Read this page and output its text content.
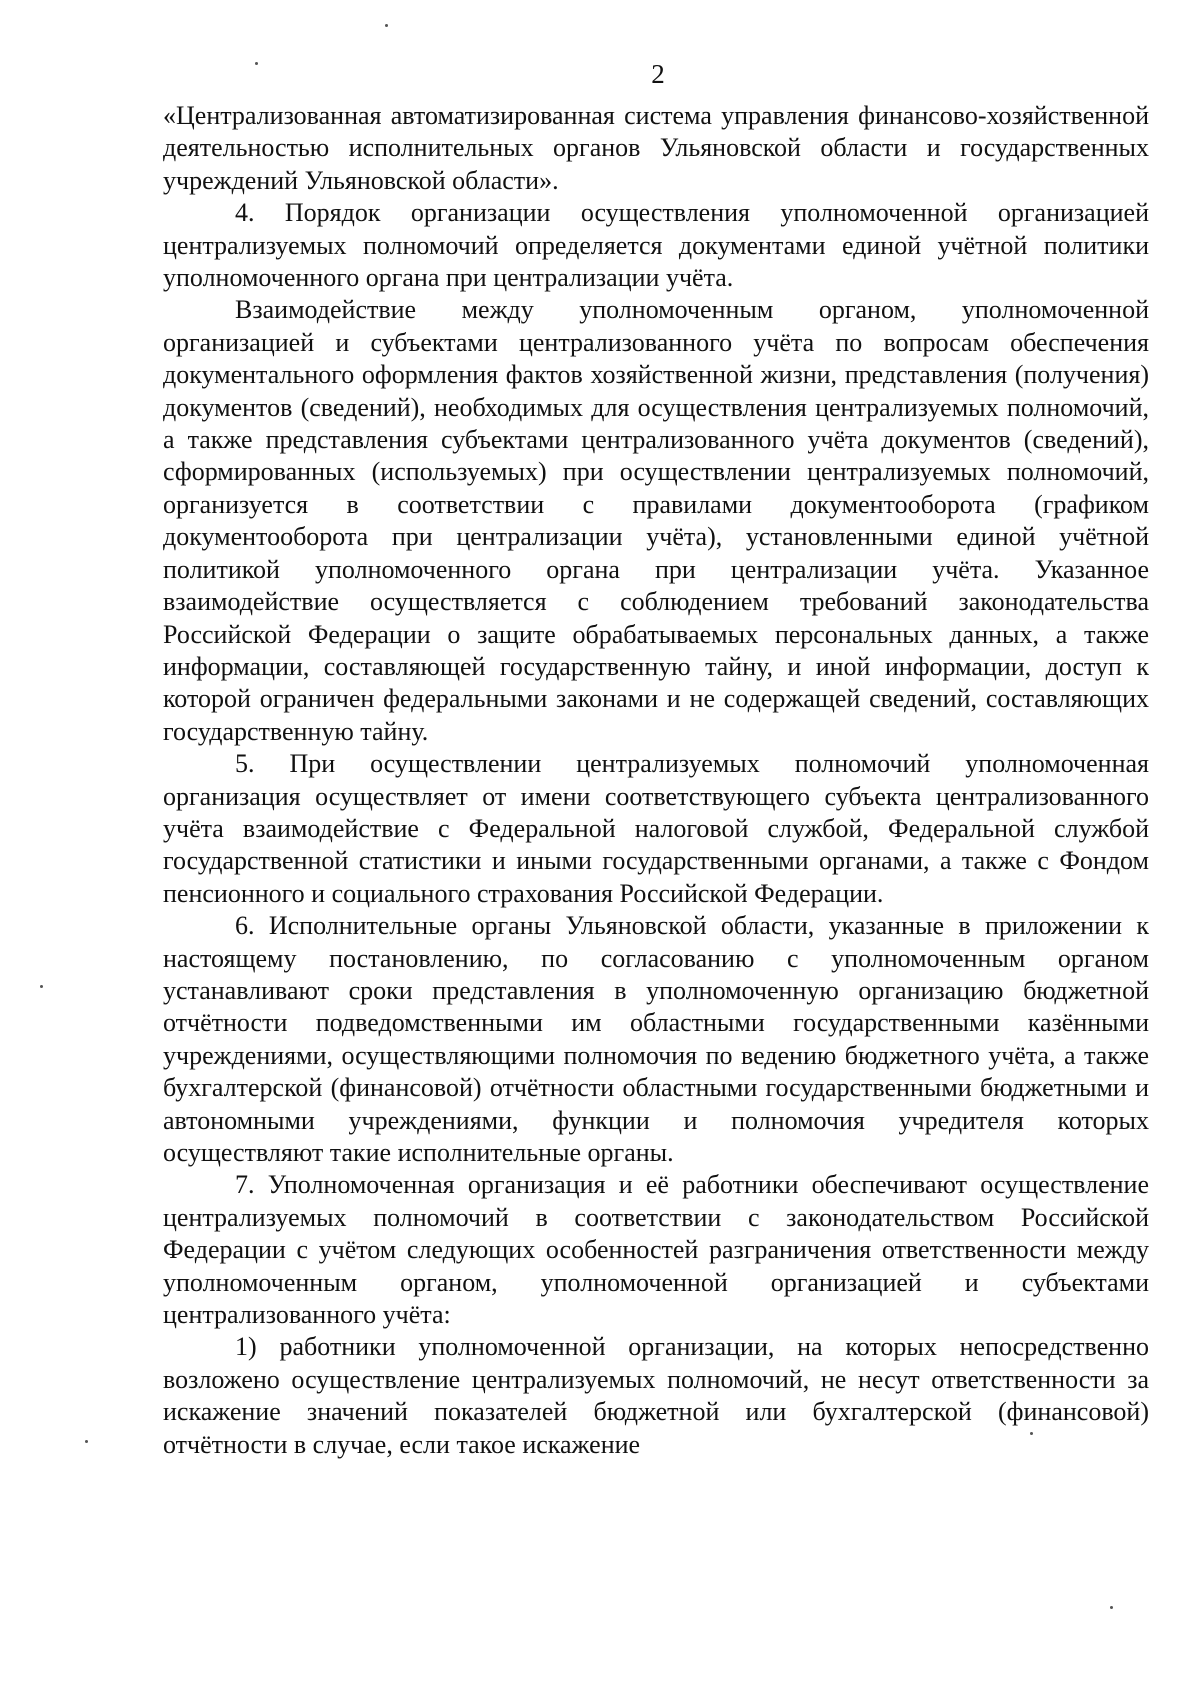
2

«Централизованная автоматизированная система управления финансово-хозяйственной деятельностью исполнительных органов Ульяновской области и государственных учреждений Ульяновской области».

4. Порядок организации осуществления уполномоченной организацией централизуемых полномочий определяется документами единой учётной политики уполномоченного органа при централизации учёта.

Взаимодействие между уполномоченным органом, уполномоченной организацией и субъектами централизованного учёта по вопросам обеспечения документального оформления фактов хозяйственной жизни, представления (получения) документов (сведений), необходимых для осуществления централизуемых полномочий, а также представления субъектами централизованного учёта документов (сведений), сформированных (используемых) при осуществлении централизуемых полномочий, организуется в соответствии с правилами документооборота (графиком документооборота при централизации учёта), установленными единой учётной политикой уполномоченного органа при централизации учёта. Указанное взаимодействие осуществляется с соблюдением требований законодательства Российской Федерации о защите обрабатываемых персональных данных, а также информации, составляющей государственную тайну, и иной информации, доступ к которой ограничен федеральными законами и не содержащей сведений, составляющих государственную тайну.

5. При осуществлении централизуемых полномочий уполномоченная организация осуществляет от имени соответствующего субъекта централизованного учёта взаимодействие с Федеральной налоговой службой, Федеральной службой государственной статистики и иными государственными органами, а также с Фондом пенсионного и социального страхования Российской Федерации.

6. Исполнительные органы Ульяновской области, указанные в приложении к настоящему постановлению, по согласованию с уполномоченным органом устанавливают сроки представления в уполномоченную организацию бюджетной отчётности подведомственными им областными государственными казёнными учреждениями, осуществляющими полномочия по ведению бюджетного учёта, а также бухгалтерской (финансовой) отчётности областными государственными бюджетными и автономными учреждениями, функции и полномочия учредителя которых осуществляют такие исполнительные органы.

7. Уполномоченная организация и её работники обеспечивают осуществление централизуемых полномочий в соответствии с законодательством Российской Федерации с учётом следующих особенностей разграничения ответственности между уполномоченным органом, уполномоченной организацией и субъектами централизованного учёта:

1) работники уполномоченной организации, на которых непосредственно возложено осуществление централизуемых полномочий, не несут ответственности за искажение значений показателей бюджетной или бухгалтерской (финансовой) отчётности в случае, если такое искажение
